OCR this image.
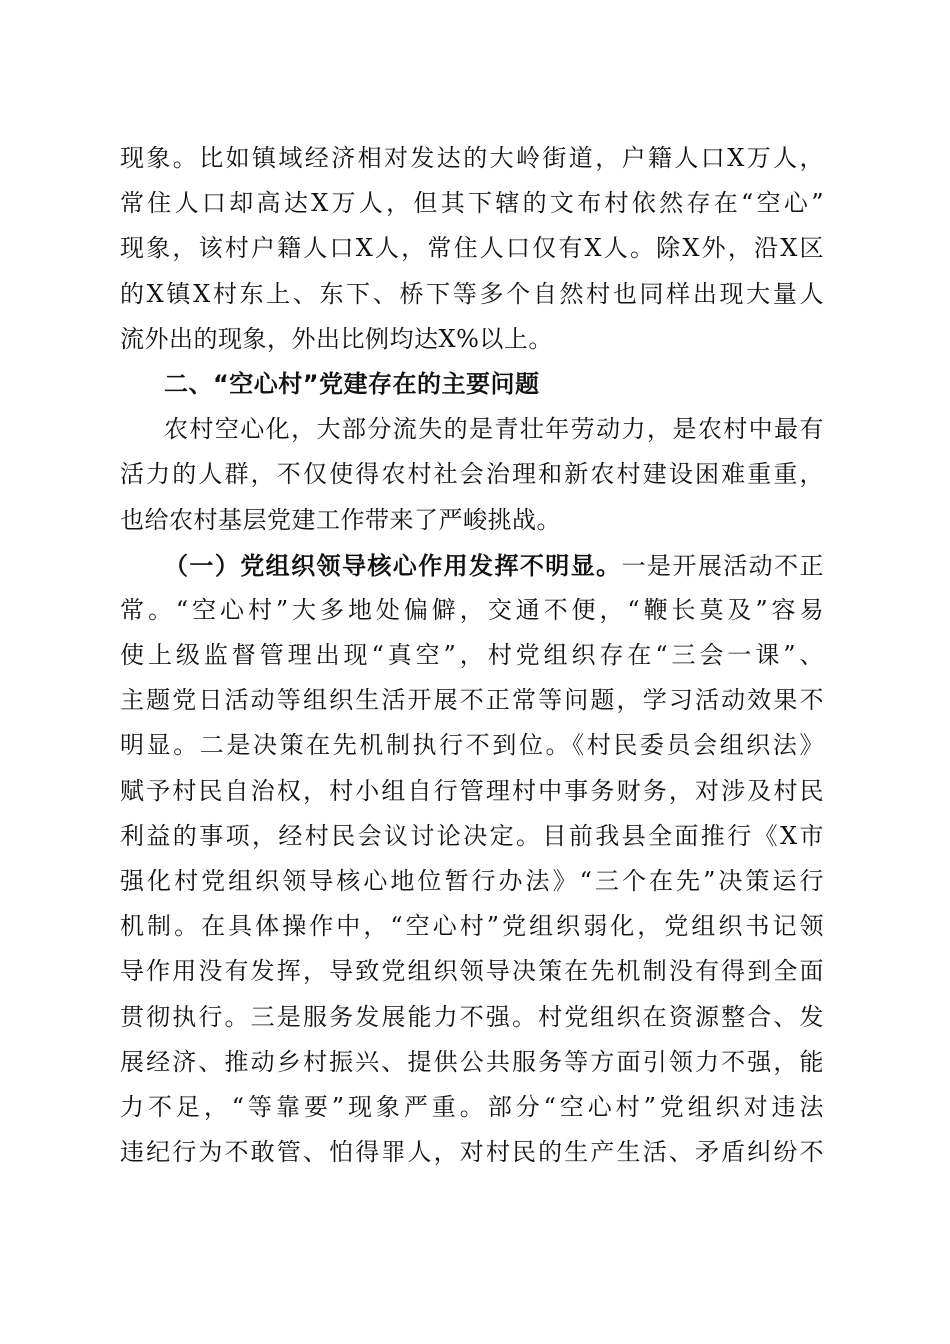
现象。比如镇域经济相对发达的大岭街道，户籍人口X万人，
常住人口却高达X万人，但其下辖的文布村依然存在“空心”
现象，该村户籍人口X人，常住人口仅有X人。除X外，沿X区
的X镇X村东上、东下、桥下等多个自然村也同样出现大量人
流外出的现象，外出比例均达X%以上。
二、“空心村”党建存在的主要问题
农村空心化，大部分流失的是青壮年劳动力，是农村中最有
活力的人群，不仅使得农村社会治理和新农村建设困难重重，
也给农村基层党建工作带来了严峻挑战。
（一）党组织领导核心作用发挥不明显。一是开展活动不正
常。“空心村”大多地处偏僻，交通不便，“鞭长莫及”容易
使上级监督管理出现“真空”，村党组织存在“三会一课”、
主题党日活动等组织生活开展不正常等问题，学习活动效果不
明显。二是决策在先机制执行不到位。《村民委员会组织法》
赋予村民自治权，村小组自行管理村中事务财务，对涉及村民
利益的事项，经村民会议讨论决定。目前我县全面推行《X市
强化村党组织领导核心地位暂行办法》“三个在先”决策运行
机制。在具体操作中，“空心村”党组织弱化，党组织书记领
导作用没有发挥，导致党组织领导决策在先机制没有得到全面
贯彻执行。三是服务发展能力不强。村党组织在资源整合、发
展经济、推动乡村振兴、提供公共服务等方面引领力不强，能
力不足，“等靠要”现象严重。部分“空心村”党组织对违法
违纪行为不敢管、怕得罪人，对村民的生产生活、矛盾纠纷不
